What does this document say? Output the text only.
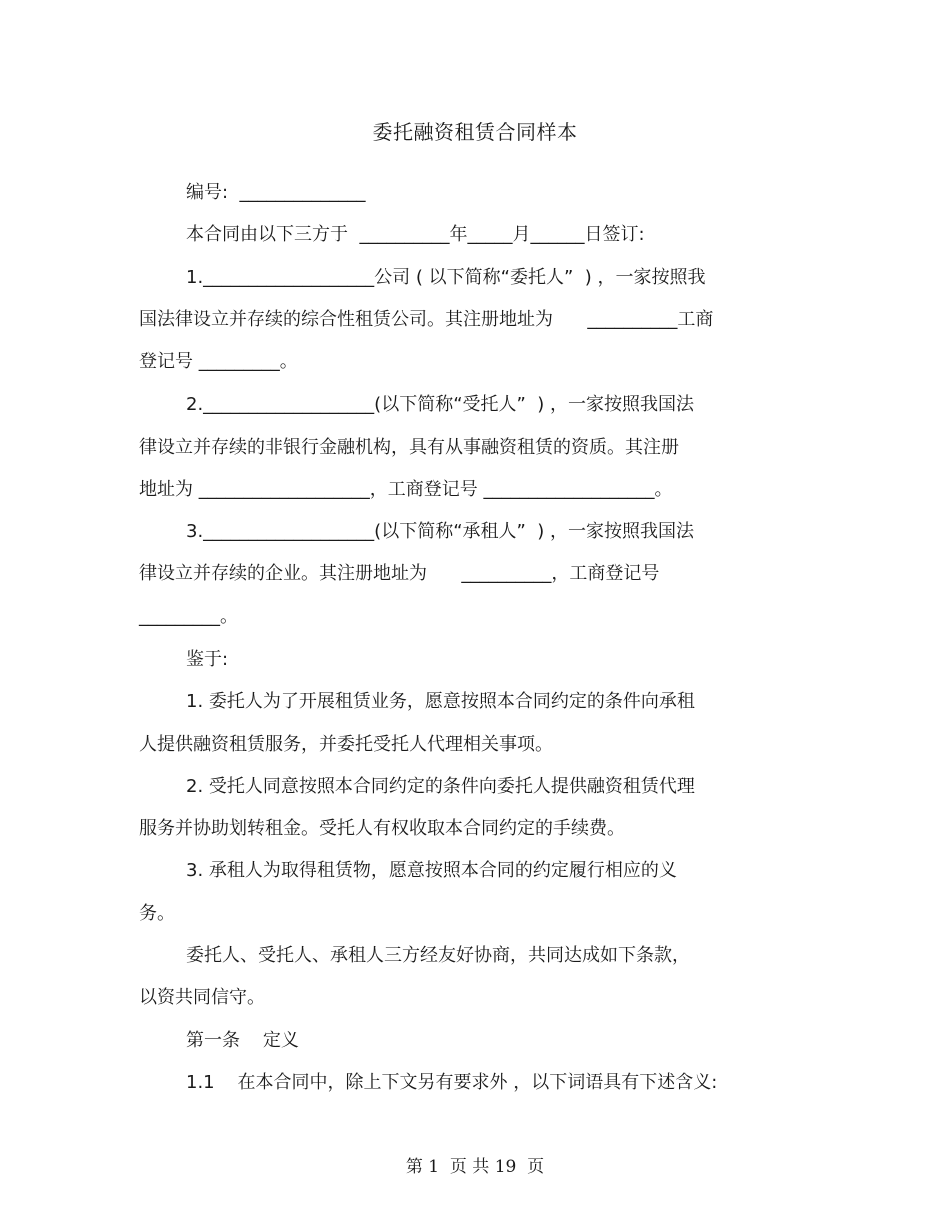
委托融资租赁合同样本
编号:  ______________
本合同由以下三方于  __________年_____月______日签订:
1.___________________公司 ( 以下简称“委托人”  ) ，一家按照我
国法律设立并存续的综合性租赁公司。其注册地址为      __________工商
登记号 _________。
2.___________________(以下简称“受托人”  ) ，一家按照我国法
律设立并存续的非银行金融机构，具有从事融资租赁的资质。其注册
地址为 ___________________，工商登记号 ___________________。
3.___________________(以下简称“承租人”  ) ，一家按照我国法
律设立并存续的企业。其注册地址为      __________，工商登记号
_________。
鉴于:
1. 委托人为了开展租赁业务，愿意按照本合同约定的条件向承租
人提供融资租赁服务，并委托受托人代理相关事项。
2. 受托人同意按照本合同约定的条件向委托人提供融资租赁代理
服务并协助划转租金。受托人有权收取本合同约定的手续费。
3. 承租人为取得租赁物，愿意按照本合同的约定履行相应的义
务。
委托人、受托人、承租人三方经友好协商，共同达成如下条款，
以资共同信守。
第一条    定义
1.1    在本合同中，除上下文另有要求外 ，以下词语具有下述含义:
第 1  页 共 19  页
